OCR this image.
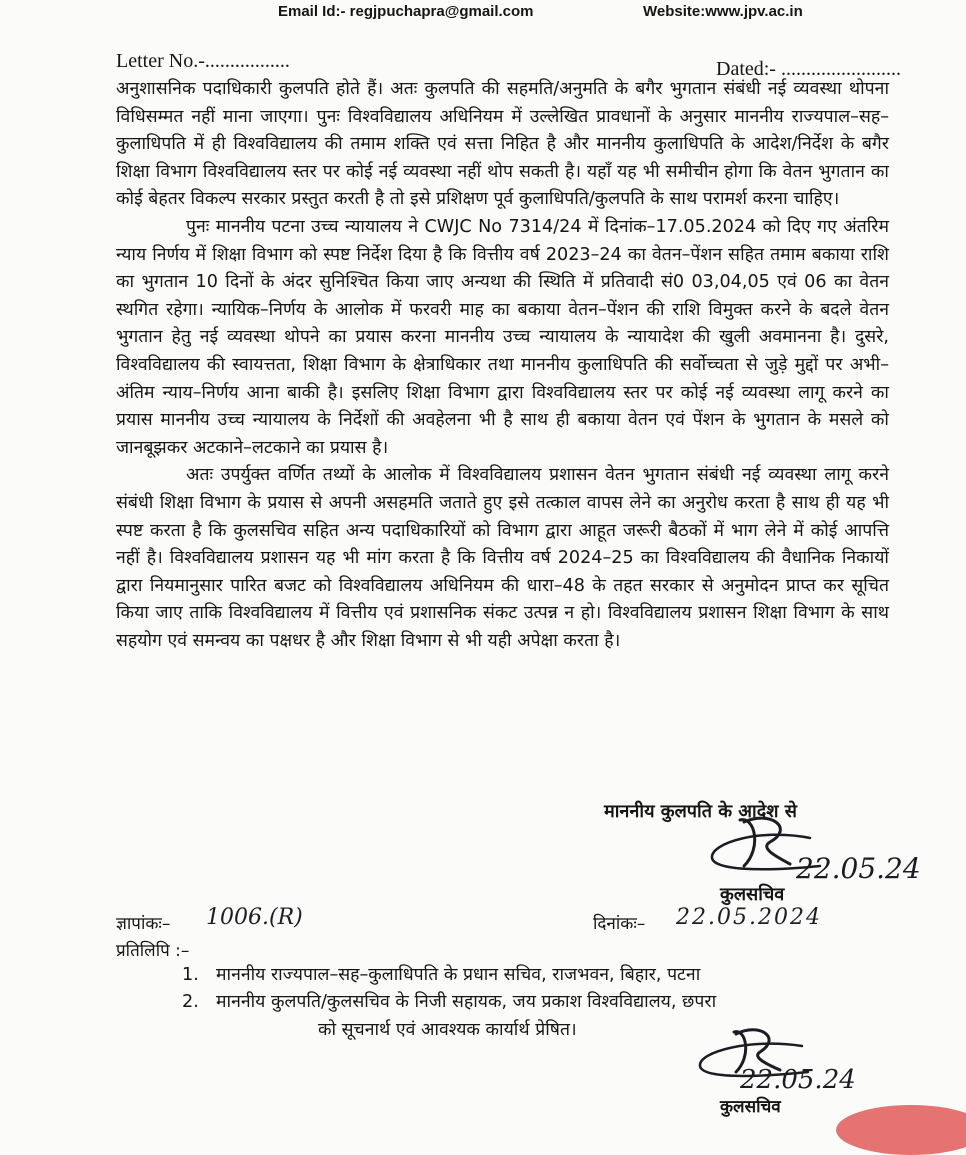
Email Id:- regjpuchapra@gmail.com	Website:www.jpv.ac.in
Letter No.-.................	Dated:- ........................

अनुशासनिक पदाधिकारी कुलपति होते हैं। अतः कुलपति की सहमति/अनुमति के बगैर भुगतान संबंधी नई व्यवस्था थोपना विधिसम्मत नहीं माना जाएगा। पुनः विश्वविद्यालय अधिनियम में उल्लेखित प्रावधानों के अनुसार माननीय राज्यपाल–सह–कुलाधिपति में ही विश्वविद्यालय की तमाम शक्ति एवं सत्ता निहित है और माननीय कुलाधिपति के आदेश/निर्देश के बगैर शिक्षा विभाग विश्वविद्यालय स्तर पर कोई नई व्यवस्था नहीं थोप सकती है। यहाँ यह भी समीचीन होगा कि वेतन भुगतान का कोई बेहतर विकल्प सरकार प्रस्तुत करती है तो इसे प्रशिक्षण पूर्व कुलाधिपति/कुलपति के साथ परामर्श करना चाहिए।

पुनः माननीय पटना उच्च न्यायालय ने CWJC No 7314/24 में दिनांक–17.05.2024 को दिए गए अंतरिम न्याय निर्णय में शिक्षा विभाग को स्पष्ट निर्देश दिया है कि वित्तीय वर्ष 2023–24 का वेतन–पेंशन सहित तमाम बकाया राशि का भुगतान 10 दिनों के अंदर सुनिश्चित किया जाए अन्यथा की स्थिति में प्रतिवादी सं0 03,04,05 एवं 06 का वेतन स्थगित रहेगा। न्यायिक–निर्णय के आलोक में फरवरी माह का बकाया वेतन–पेंशन की राशि विमुक्त करने के बदले वेतन भुगतान हेतु नई व्यवस्था थोपने का प्रयास करना माननीय उच्च न्यायालय के न्यायादेश की खुली अवमानना है। दुसरे, विश्वविद्यालय की स्वायत्तता, शिक्षा विभाग के क्षेत्राधिकार तथा माननीय कुलाधिपति की सर्वोच्चता से जुड़े मुद्दों पर अभी–अंतिम न्याय–निर्णय आना बाकी है। इसलिए शिक्षा विभाग द्वारा विश्वविद्यालय स्तर पर कोई नई व्यवस्था लागू करने का प्रयास माननीय उच्च न्यायालय के निर्देशों की अवहेलना भी है साथ ही बकाया वेतन एवं पेंशन के भुगतान के मसले को जानबूझकर अटकाने–लटकाने का प्रयास है।

अतः उपर्युक्त वर्णित तथ्यों के आलोक में विश्वविद्यालय प्रशासन वेतन भुगतान संबंधी नई व्यवस्था लागू करने संबंधी शिक्षा विभाग के प्रयास से अपनी असहमति जताते हुए इसे तत्काल वापस लेने का अनुरोध करता है साथ ही यह भी स्पष्ट करता है कि कुलसचिव सहित अन्य पदाधिकारियों को विभाग द्वारा आहूत जरूरी बैठकों में भाग लेने में कोई आपत्ति नहीं है। विश्वविद्यालय प्रशासन यह भी मांग करता है कि वित्तीय वर्ष 2024–25 का विश्वविद्यालय की वैधानिक निकायों द्वारा नियमानुसार पारित बजट को विश्वविद्यालय अधिनियम की धारा–48 के तहत सरकार से अनुमोदन प्राप्त कर सूचित किया जाए ताकि विश्वविद्यालय में वित्तीय एवं प्रशासनिक संकट उत्पन्न न हो। विश्वविद्यालय प्रशासन शिक्षा विभाग के साथ सहयोग एवं समन्वय का पक्षधर है और शिक्षा विभाग से भी यही अपेक्षा करता है।

माननीय कुलपति के आदेश से
22.05.24
कुलसचिव
ज्ञापांकः– 1006.(R)	दिनांकः– 22.05.2024
प्रतिलिपि :–
1. माननीय राज्यपाल–सह–कुलाधिपति के प्रधान सचिव, राजभवन, बिहार, पटना
2. माननीय कुलपति/कुलसचिव के निजी सहायक, जय प्रकाश विश्वविद्यालय, छपरा
को सूचनार्थ एवं आवश्यक कार्यार्थ प्रेषित।
22.05.24
कुलसचिव
